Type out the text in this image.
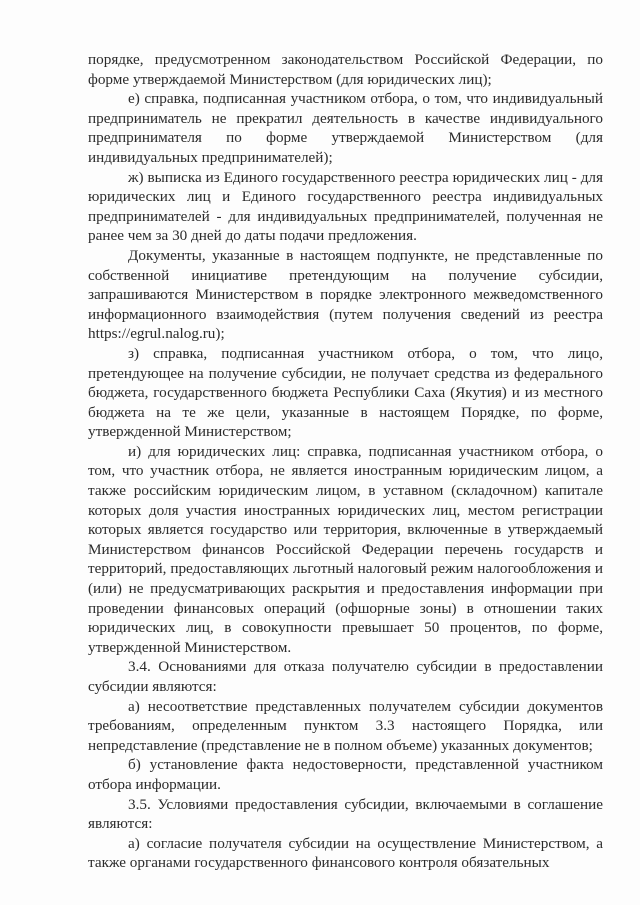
порядке, предусмотренном законодательством Российской Федерации, по форме утверждаемой Министерством (для юридических лиц);

е) справка, подписанная участником отбора, о том, что индивидуальный предприниматель не прекратил деятельность в качестве индивидуального предпринимателя по форме утверждаемой Министерством (для индивидуальных предпринимателей);

ж) выписка из Единого государственного реестра юридических лиц - для юридических лиц и Единого государственного реестра индивидуальных предпринимателей - для индивидуальных предпринимателей, полученная не ранее чем за 30 дней до даты подачи предложения.

Документы, указанные в настоящем подпункте, не представленные по собственной инициативе претендующим на получение субсидии, запрашиваются Министерством в порядке электронного межведомственного информационного взаимодействия (путем получения сведений из реестра https://egrul.nalog.ru);

з) справка, подписанная участником отбора, о том, что лицо, претендующее на получение субсидии, не получает средства из федерального бюджета, государственного бюджета Республики Саха (Якутия) и из местного бюджета на те же цели, указанные в настоящем Порядке, по форме, утвержденной Министерством;

и) для юридических лиц: справка, подписанная участником отбора, о том, что участник отбора, не является иностранным юридическим лицом, а также российским юридическим лицом, в уставном (складочном) капитале которых доля участия иностранных юридических лиц, местом регистрации которых является государство или территория, включенные в утверждаемый Министерством финансов Российской Федерации перечень государств и территорий, предоставляющих льготный налоговый режим налогообложения и (или) не предусматривающих раскрытия и предоставления информации при проведении финансовых операций (офшорные зоны) в отношении таких юридических лиц, в совокупности превышает 50 процентов, по форме, утвержденной Министерством.

3.4. Основаниями для отказа получателю субсидии в предоставлении субсидии являются:

а) несоответствие представленных получателем субсидии документов требованиям, определенным пунктом 3.3 настоящего Порядка, или непредставление (представление не в полном объеме) указанных документов;

б) установление факта недостоверности, представленной участником отбора информации.

3.5. Условиями предоставления субсидии, включаемыми в соглашение являются:

а) согласие получателя субсидии на осуществление Министерством, а также органами государственного финансового контроля обязательных
